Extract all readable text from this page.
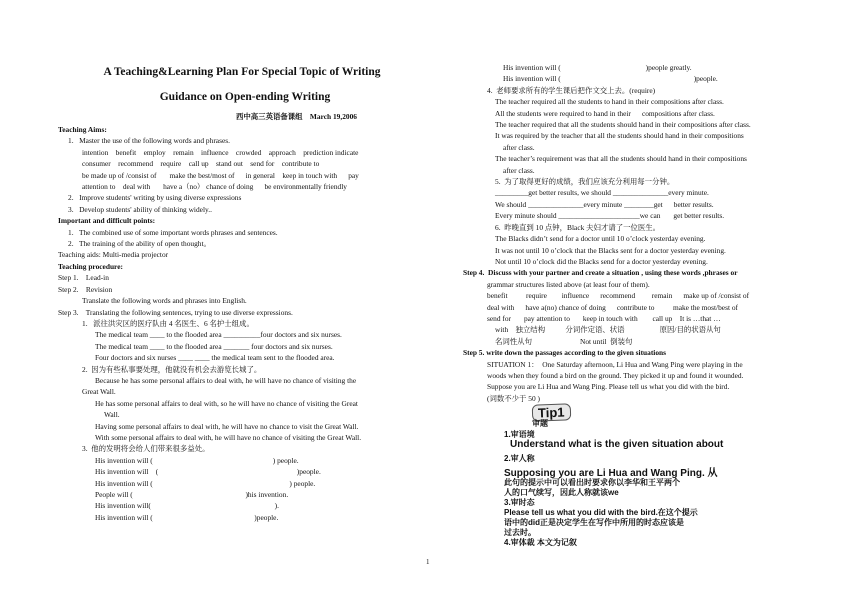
A Teaching&Learning Plan For Special Topic of Writing
Guidance on Open-ending Writing
西中高三英语备课组    March 19,2006
Teaching Aims:
1.   Master the use of the following words and phrases.
intention    benefit    employ    remain    influence    crowded    approach    prediction indicate
consumer    recommend    require    call up    stand out    send for    contribute to
be made up of /consist of       make the best/most of      in general    keep in touch with      pay
attention to    deal with       have a（no） chance of doing      be environmentally friendly
2.   Improve students' writing by using diverse expressions
3.   Develop students' ability of thinking widely..
Important and difficult points:
1.   The combined use of some important words phrases and sentences.
2.   The training of the ability of open thought。
Teaching aids: Multi-media projector
Teaching procedure:
Step 1.    Lead-in
Step 2.    Revision
Translate the following words and phrases into English.
Step 3.    Translating the following sentences, trying to use diverse expressions.
1.   派往洪灾区的医疗队由 4 名医生、6 名护士组成。
The medical team ____ to the flooded area __________four doctors and six nurses.
The medical team ____ to the flooded area _______ four doctors and six nurses.
Four doctors and six nurses ____ ____ the medical team sent to the flooded area.
2.  因为有些私事要处理，他就没有机会去游览长城了。
Because he has some personal affairs to deal with, he will have no chance of visiting the
Great Wall.
He has some personal affairs to deal with, so he will have no chance of visiting the Great
Wall.
Having some personal affairs to deal with, he will have no chance to visit the Great Wall.
With some personal affairs to deal with, he will have no chance of visiting the Great Wall.
3.  他的发明将会给人们带来很多益处。
His invention will (                                                                 ) people.
His invention will    (                                                                           )people.
His invention will (                                                                          ) people.
People will (                                                             )his invention.
His invention will(                                                                   ).
His invention will (                                                       )people.
His invention will (                                              )people greatly.
His invention will (                                                                        )people.
4.  老师要求所有的学生课后把作文交上去。(require)
The teacher required all the students to hand in their compositions after class.
All the students were required to hand in their      compositions after class.
The teacher required that all the students should hand in their compositions after class.
It was required by the teacher that all the students should hand in their compositions
after class.
The teacher’s requirement was that all the students should hand in their compositions
after class.
5.  为了取得更好的成绩，我们应该充分利用每一分钟。
_________get better results, we should _______________every minute.
We should _______________every minute ________get      better results.
Every minute should ______________________we can       get better results.
6.  昨晚直到 10 点钟，Black 夫妇才请了一位医生。
The Blacks didn’t send for a doctor until 10 o’clock yesterday evening.
It was not until 10 o’clock that the Blacks sent for a doctor yesterday evening.
Not until 10 o’clock did the Blacks send for a doctor yesterday evening.
Step 4.  Discuss with your partner and create a situation , using these words ,phrases or
grammar structures listed above (at least four of them).
benefit          require        influence      recommend         remain      make up of /consist of
deal with      have a(no) chance of doing      contribute to          make the most/best of
send for       pay attention to       keep in touch with        call up    It is …that …
with    独立结构           分词作定语、状语                   原因/目的状语从句
名词性从句                          Not until  倒装句
Step 5. write down the passages according to the given situations
SITUATION 1：  One Saturday afternoon, Li Hua and Wang Ping were playing in the
woods when they found a bird on the ground. They picked it up and found it wounded.
Suppose you are Li Hua and Wang Ping. Please tell us what you did with the bird.
(词数不少于 50 )
Tip1
审题
1.审语境
Understand what is the given situation about
2.审人称
Supposing you are Li Hua and Wang Ping. 从
此句的提示中可以看出时要求你以李华和王平两个
人的口气续写，因此人称就该we
3.审时态
Please tell us what you did with the bird.在这个提示
语中的did正是决定学生在写作中所用的时态应该是
过去时。
4.审体裁 本文为记叙
1
